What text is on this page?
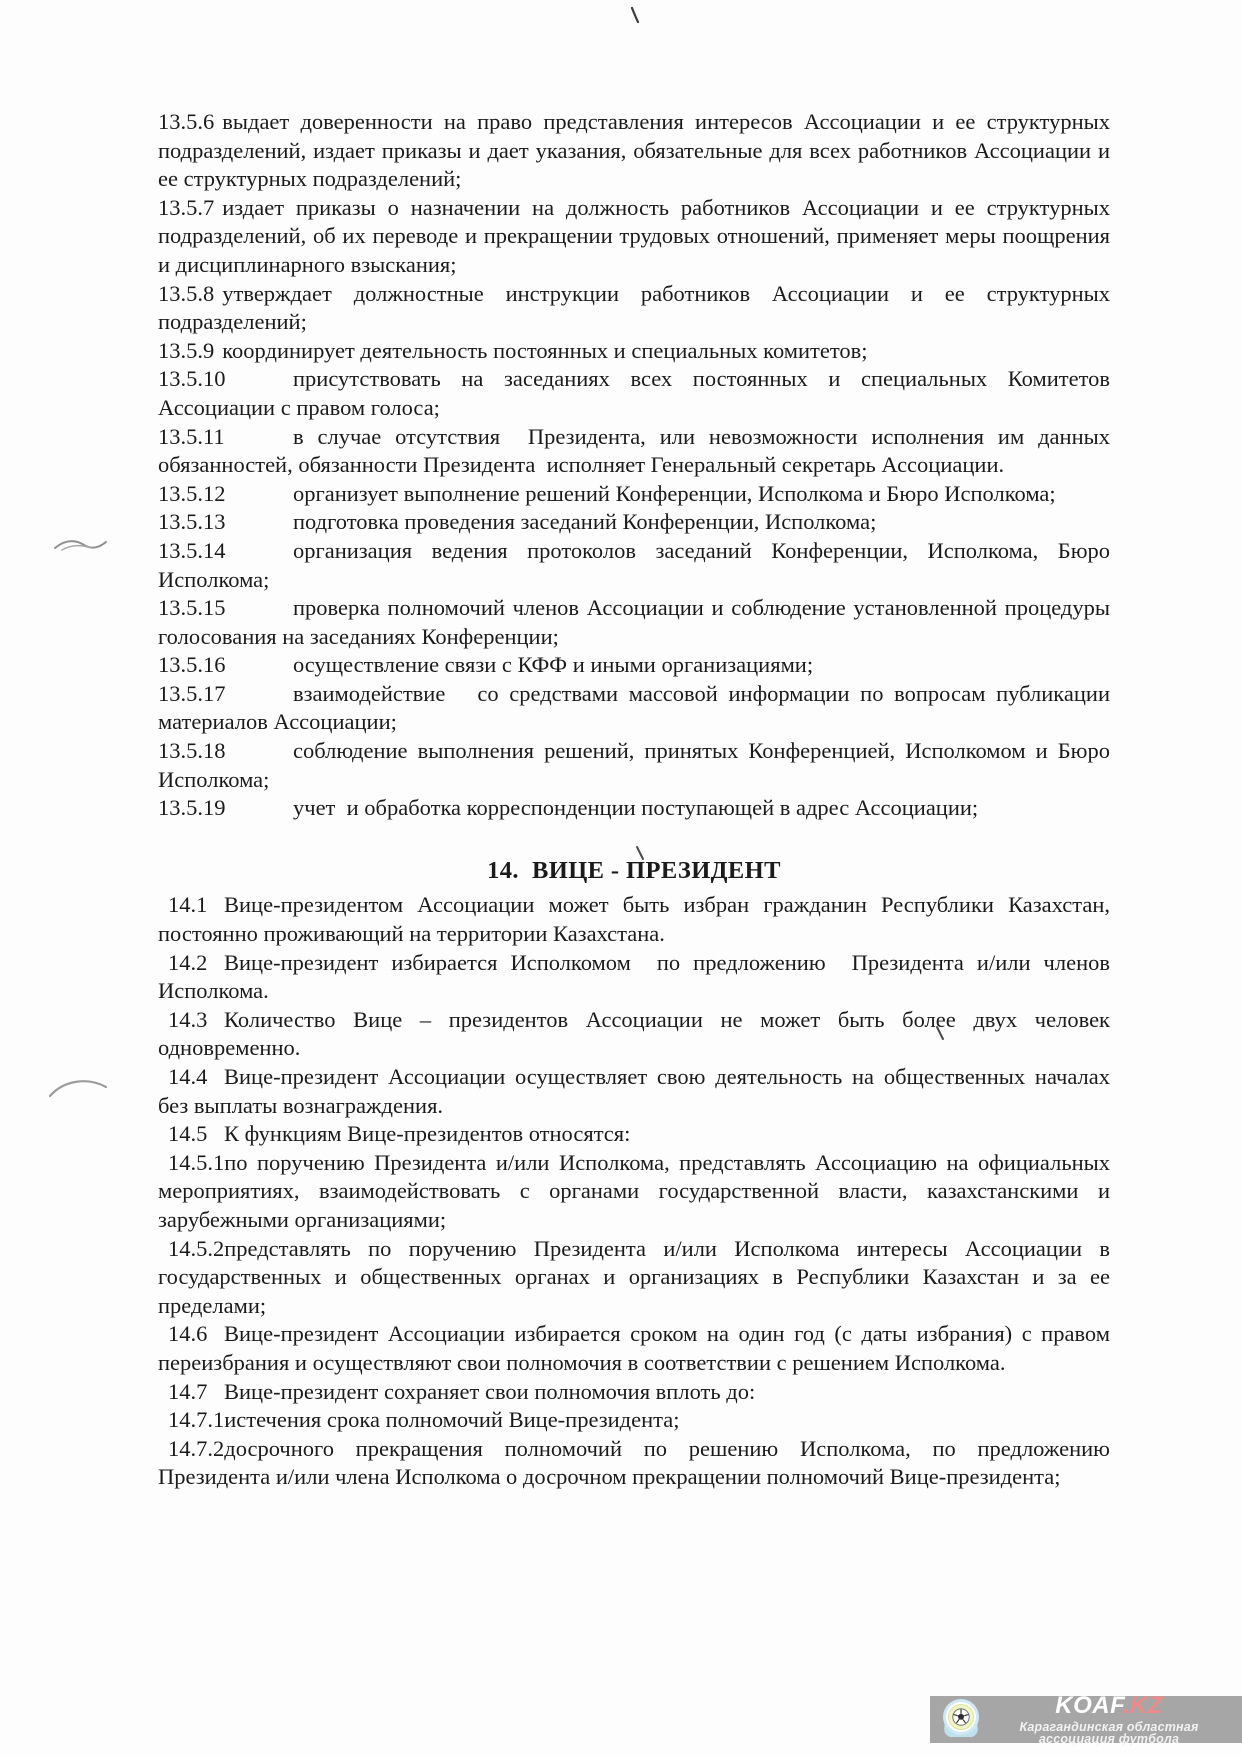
13.5.6 выдает доверенности на право представления интересов Ассоциации и ее структурных подразделений, издает приказы и дает указания, обязательные для всех работников Ассоциации и ее структурных подразделений;

13.5.7 издает приказы о назначении на должность работников Ассоциации и ее структурных подразделений, об их переводе и прекращении трудовых отношений, применяет меры поощрения и дисциплинарного взыскания;

13.5.8 утверждает должностные инструкции работников Ассоциации и ее структурных подразделений;

13.5.9 координирует деятельность постоянных и специальных комитетов;

13.5.10	присутствовать на заседаниях всех постоянных и специальных Комитетов Ассоциации с правом голоса;

13.5.11	в случае отсутствия  Президента, или невозможности исполнения им данных обязанностей, обязанности Президента  исполняет Генеральный секретарь Ассоциации.

13.5.12	организует выполнение решений Конференции, Исполкома и Бюро Исполкома;

13.5.13	подготовка проведения заседаний Конференции, Исполкома;

13.5.14	организация ведения протоколов заседаний Конференции, Исполкома, Бюро Исполкома;

13.5.15	проверка полномочий членов Ассоциации и соблюдение установленной процедуры голосования на заседаниях Конференции;

13.5.16	осуществление связи с КФФ и иными организациями;

13.5.17	взаимодействие   со средствами массовой информации по вопросам публикации материалов Ассоциации;

13.5.18	соблюдение выполнения решений, принятых Конференцией, Исполкомом и Бюро Исполкома;

13.5.19	учет  и обработка корреспонденции поступающей в адрес Ассоциации;

14.  ВИЦЕ - ПРЕЗИДЕНТ

14.1 Вице-президентом Ассоциации может быть избран гражданин Республики Казахстан, постоянно проживающий на территории Казахстана.

14.2 Вице-президент избирается Исполкомом  по предложению  Президента и/или членов Исполкома.

14.3 Количество Вице – президентов Ассоциации не может быть более двух человек одновременно.

14.4 Вице-президент Ассоциации осуществляет свою деятельность на общественных началах без выплаты вознаграждения.

14.5 К функциям Вице-президентов относятся:

14.5.1по поручению Президента и/или Исполкома, представлять Ассоциацию на официальных мероприятиях, взаимодействовать с органами государственной власти, казахстанскими и зарубежными организациями;

14.5.2представлять по поручению Президента и/или Исполкома интересы Ассоциации в государственных и общественных органах и организациях в Республики Казахстан и за ее пределами;

14.6 Вице-президент Ассоциации избирается сроком на один год (с даты избрания) с правом переизбрания и осуществляют свои полномочия в соответствии с решением Исполкома.

14.7 Вице-президент сохраняет свои полномочия вплоть до:

14.7.1истечения срока полномочий Вице-президента;

14.7.2досрочного прекращения полномочий по решению Исполкома, по предложению Президента и/или члена Исполкома о досрочном прекращении полномочий Вице-президента;

KOAF.KZ
Карагандинская областная ассоциация футбола
